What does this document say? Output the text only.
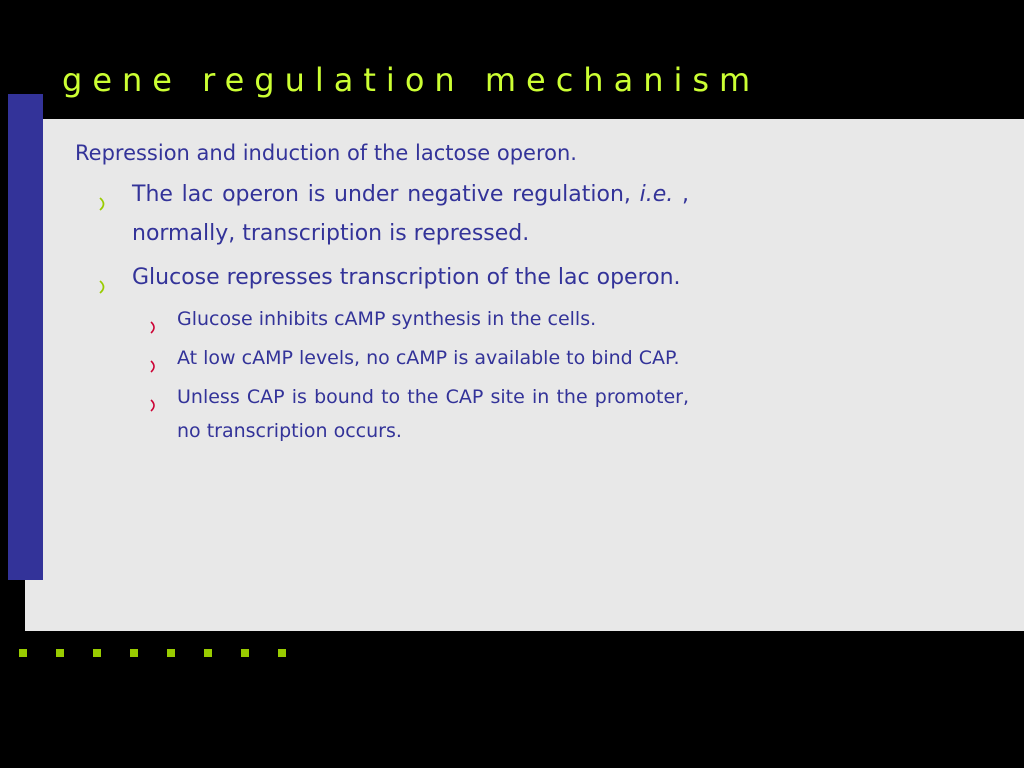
gene regulation mechanism

Repression and induction of the lactose operon.

The lac operon is under negative regulation, i.e. , normally, transcription is repressed.
Glucose represses transcription of the lac operon.
Glucose inhibits cAMP synthesis in the cells.
At low cAMP levels, no cAMP is available to bind CAP.
Unless CAP is bound to the CAP site in the promoter, no transcription occurs.
